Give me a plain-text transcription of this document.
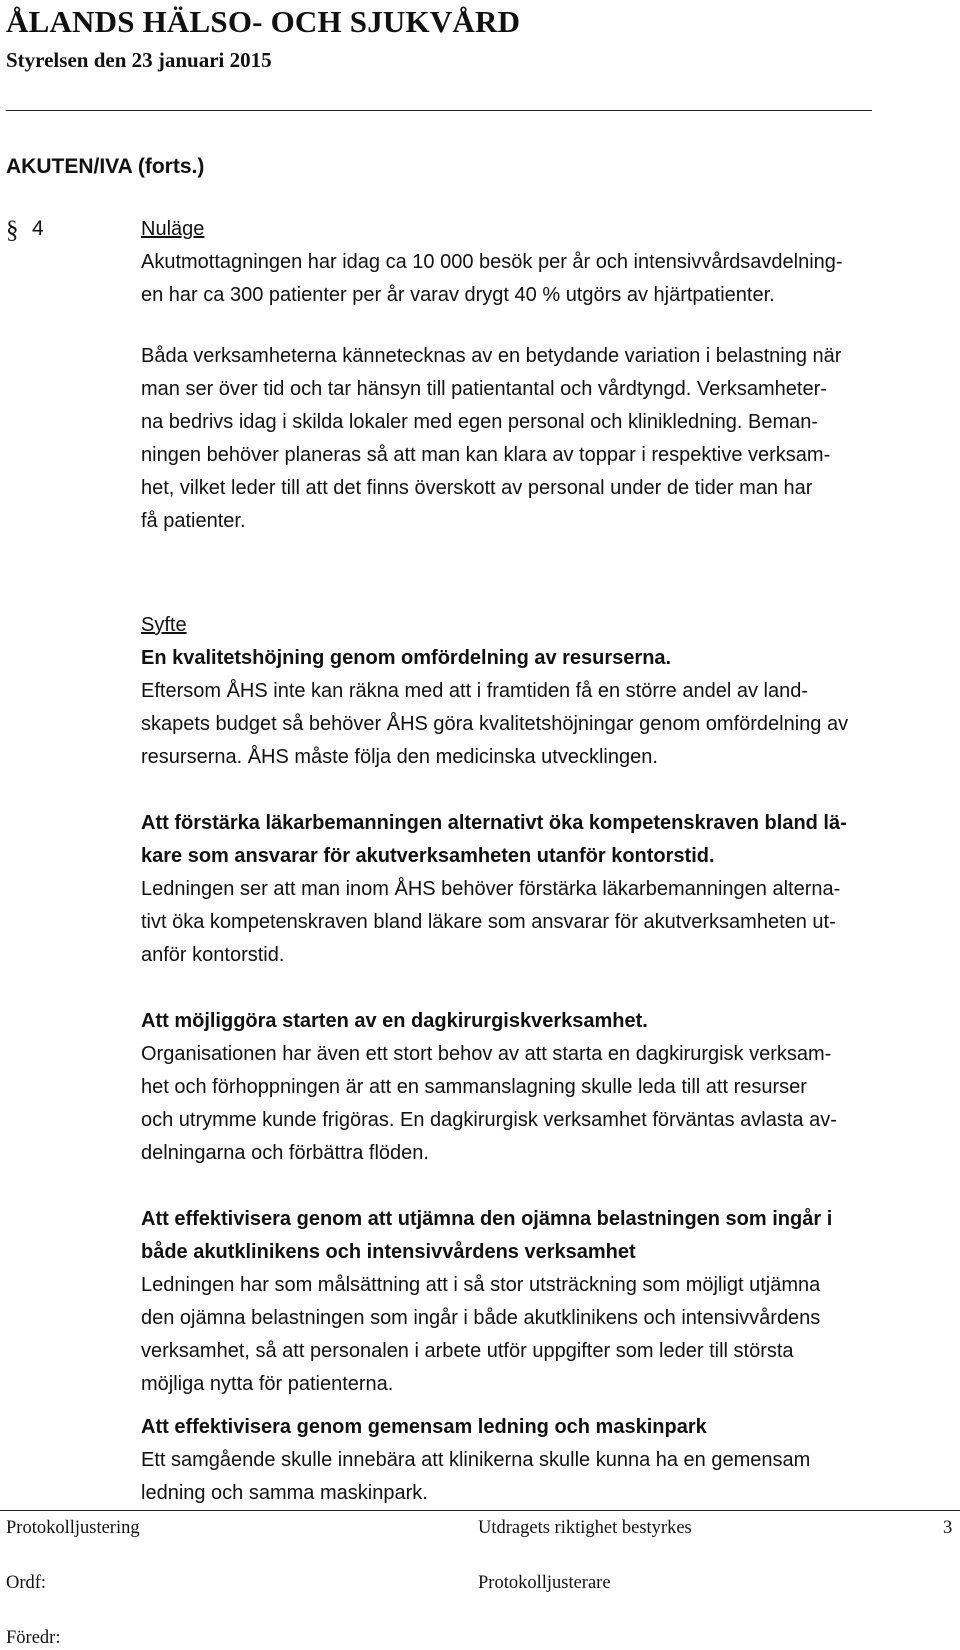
ÅLANDS HÄLSO- OCH SJUKVÅRD
Styrelsen den 23 januari 2015
AKUTEN/IVA (forts.)
§ 4	Nuläge
Akutmottagningen har idag ca 10 000 besök per år och intensivvårdsavdelning-
en har ca 300 patienter per år varav drygt 40 % utgörs av hjärtpatienter.
Båda verksamheterna kännetecknas av en betydande variation i belastning när
man ser över tid och tar hänsyn till patientantal och vårdtyngd. Verksamheter-
na bedrivs idag i skilda lokaler med egen personal och klinikledning. Beman-
ningen behöver planeras så att man kan klara av toppar i respektive verksam-
het, vilket leder till att det finns överskott av personal under de tider man har
få patienter.
Syfte
En kvalitetshöjning genom omfördelning av resurserna.
Eftersom ÅHS inte kan räkna med att i framtiden få en större andel av land-
skapets budget så behöver ÅHS göra kvalitetshöjningar genom omfördelning av
resurserna. ÅHS måste följa den medicinska utvecklingen.
Att förstärka läkarbemanningen alternativt öka kompetenskraven bland lä-
kare som ansvarar för akutverksamheten utanför kontorstid.
Ledningen ser att man inom ÅHS behöver förstärka läkarbemanningen alterna-
tivt öka kompetenskraven bland läkare som ansvarar för akutverksamheten ut-
anför kontorstid.
Att möjliggöra starten av en dagkirurgiskverksamhet.
Organisationen har även ett stort behov av att starta en dagkirurgisk verksam-
het och förhoppningen är att en sammanslagning skulle leda till att resurser
och utrymme kunde frigöras. En dagkirurgisk verksamhet förväntas avlasta av-
delningarna och förbättra flöden.
Att effektivisera genom att utjämna den ojämna belastningen som ingår i
både akutklinikens och intensivvårdens verksamhet
Ledningen har som målsättning att i så stor utsträckning som möjligt utjämna
den ojämna belastningen som ingår i både akutklinikens och intensivvårdens
verksamhet, så att personalen i arbete utför uppgifter som leder till största
möjliga nytta för patienterna.
Att effektivisera genom gemensam ledning och maskinpark
Ett samgående skulle innebära att klinikerna skulle kunna ha en gemensam
ledning och samma maskinpark.
Protokolljustering	Utdragets riktighet bestyrkes	3
Ordf:	Protokolljusterare
Föredr:
